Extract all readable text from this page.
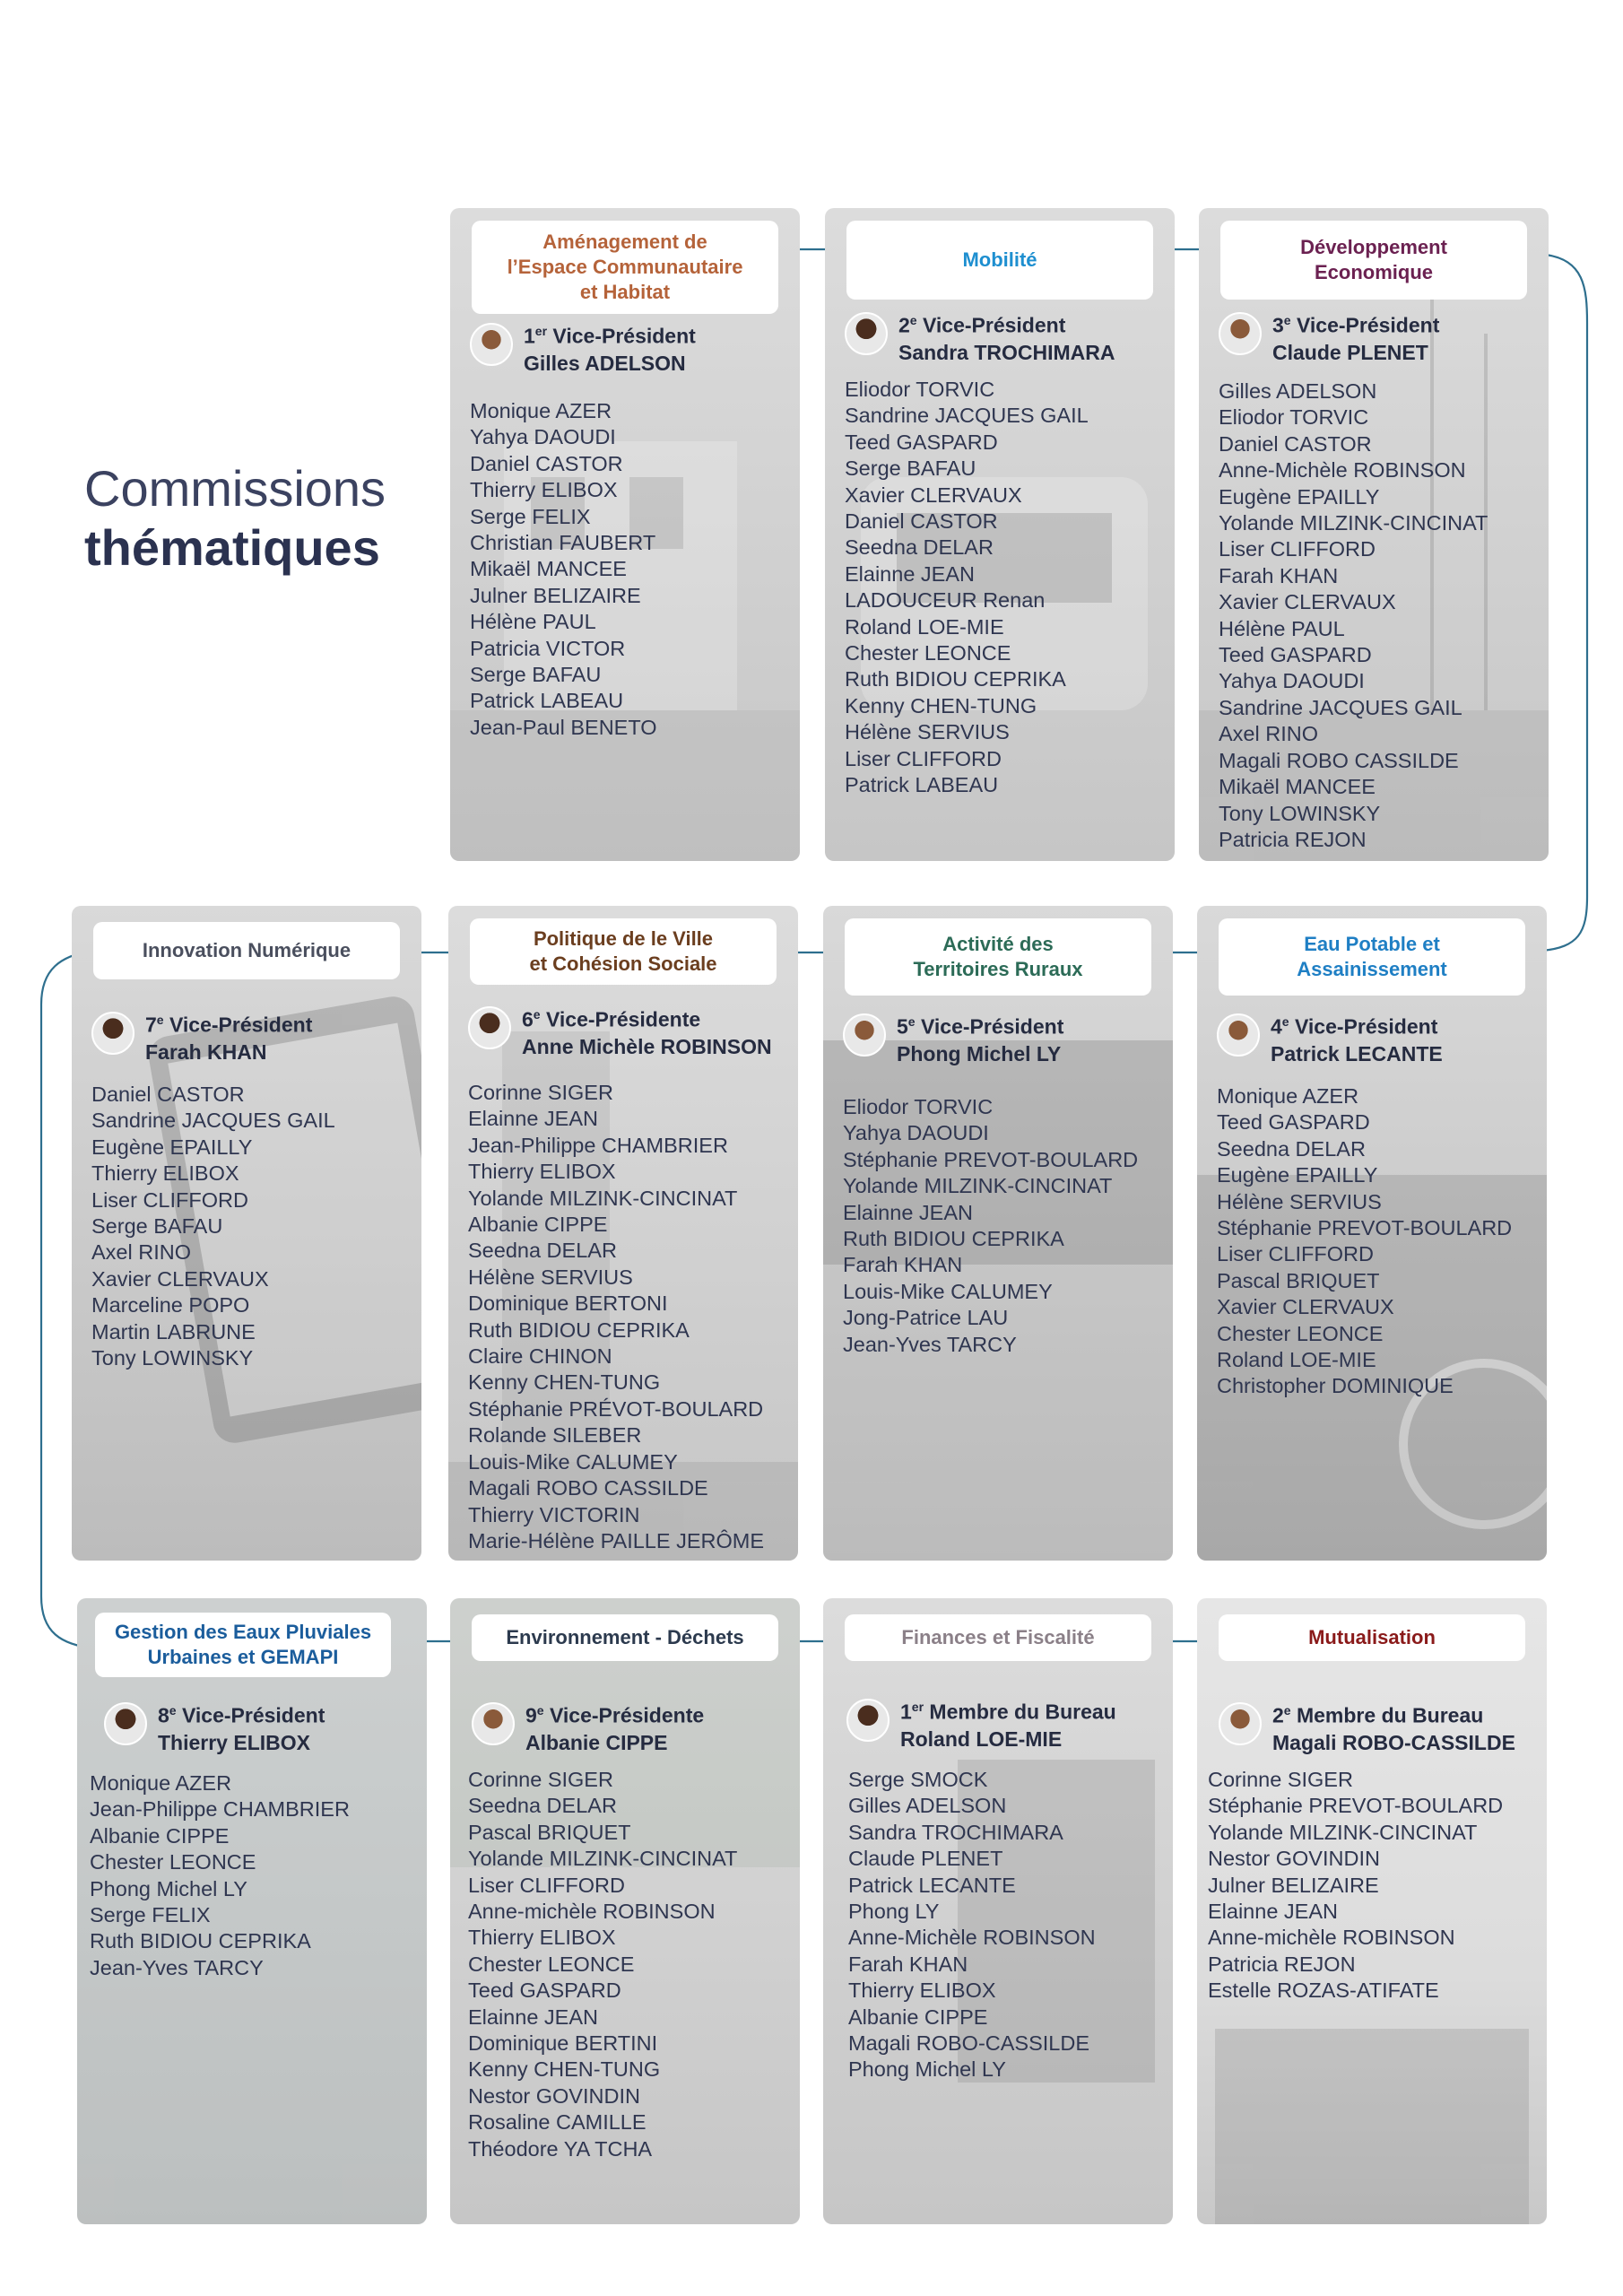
Commissions
thématiques
Aménagement de
l’Espace Communautaire
et Habitat
1er Vice-Président
Gilles ADELSON
Monique AZER
Yahya DAOUDI
Daniel CASTOR
Thierry ELIBOX
Serge FELIX
Christian FAUBERT
Mikaël MANCEE
Julner BELIZAIRE
Hélène PAUL
Patricia VICTOR
Serge BAFAU
Patrick LABEAU
Jean-Paul BENETO
Mobilité
2e Vice-Président
Sandra TROCHIMARA
Eliodor TORVIC
Sandrine JACQUES GAIL
Teed GASPARD
Serge BAFAU
Xavier CLERVAUX
Daniel CASTOR
Seedna DELAR
Elainne JEAN
LADOUCEUR Renan
Roland LOE-MIE
Chester LEONCE
Ruth BIDIOU CEPRIKA
Kenny CHEN-TUNG
Hélène SERVIUS
Liser CLIFFORD
Patrick LABEAU
Développement
Economique
3e Vice-Président
Claude PLENET
Gilles ADELSON
Eliodor TORVIC
Daniel CASTOR
Anne-Michèle ROBINSON
Eugène EPAILLY
Yolande MILZINK-CINCINAT
Liser CLIFFORD
Farah KHAN
Xavier CLERVAUX
Hélène PAUL
Teed GASPARD
Yahya DAOUDI
Sandrine JACQUES GAIL
Axel RINO
Magali ROBO CASSILDE
Mikaël MANCEE
Tony LOWINSKY
Patricia REJON
Innovation Numérique
7e Vice-Président
Farah KHAN
Daniel CASTOR
Sandrine JACQUES GAIL
Eugène EPAILLY
Thierry ELIBOX
Liser CLIFFORD
Serge BAFAU
Axel RINO
Xavier CLERVAUX
Marceline POPO
Martin LABRUNE
Tony LOWINSKY
Politique de le Ville
et Cohésion Sociale
6e Vice-Présidente
Anne Michèle ROBINSON
Corinne SIGER
Elainne JEAN
Jean-Philippe CHAMBRIER
Thierry ELIBOX
Yolande MILZINK-CINCINAT
Albanie CIPPE
Seedna DELAR
Hélène SERVIUS
Dominique BERTONI
Ruth BIDIOU CEPRIKA
Claire CHINON
Kenny CHEN-TUNG
Stéphanie PRÉVOT-BOULARD
Rolande SILEBER
Louis-Mike CALUMEY
Magali ROBO CASSILDE
Thierry VICTORIN
Marie-Hélène PAILLE JERÔME
Activité des
Territoires Ruraux
5e Vice-Président
Phong Michel LY
Eliodor TORVIC
Yahya DAOUDI
Stéphanie PREVOT-BOULARD
Yolande MILZINK-CINCINAT
Elainne JEAN
Ruth BIDIOU CEPRIKA
Farah KHAN
Louis-Mike CALUMEY
Jong-Patrice LAU
Jean-Yves TARCY
Eau Potable et
Assainissement
4e Vice-Président
Patrick LECANTE
Monique AZER
Teed GASPARD
Seedna DELAR
Eugène EPAILLY
Hélène SERVIUS
Stéphanie PREVOT-BOULARD
Liser CLIFFORD
Pascal BRIQUET
Xavier CLERVAUX
Chester LEONCE
Roland LOE-MIE
Christopher DOMINIQUE
Gestion des Eaux Pluviales
Urbaines et GEMAPI
8e Vice-Président
Thierry ELIBOX
Monique AZER
Jean-Philippe CHAMBRIER
Albanie CIPPE
Chester LEONCE
Phong Michel LY
Serge FELIX
Ruth BIDIOU CEPRIKA
Jean-Yves TARCY
Environnement - Déchets
9e Vice-Présidente
Albanie CIPPE
Corinne SIGER
Seedna DELAR
Pascal BRIQUET
Yolande MILZINK-CINCINAT
Liser CLIFFORD
Anne-michèle ROBINSON
Thierry ELIBOX
Chester LEONCE
Teed GASPARD
Elainne JEAN
Dominique BERTINI
Kenny CHEN-TUNG
Nestor GOVINDIN
Rosaline CAMILLE
Théodore YA TCHA
Finances et Fiscalité
1er Membre du Bureau
Roland LOE-MIE
Serge SMOCK
Gilles ADELSON
Sandra TROCHIMARA
Claude PLENET
Patrick LECANTE
Phong LY
Anne-Michèle ROBINSON
Farah KHAN
Thierry ELIBOX
Albanie CIPPE
Magali ROBO-CASSILDE
Phong Michel LY
Mutualisation
2e Membre du Bureau
Magali ROBO-CASSILDE
Corinne SIGER
Stéphanie PREVOT-BOULARD
Yolande MILZINK-CINCINAT
Nestor GOVINDIN
Julner BELIZAIRE
Elainne JEAN
Anne-michèle ROBINSON
Patricia REJON
Estelle ROZAS-ATIFATE
